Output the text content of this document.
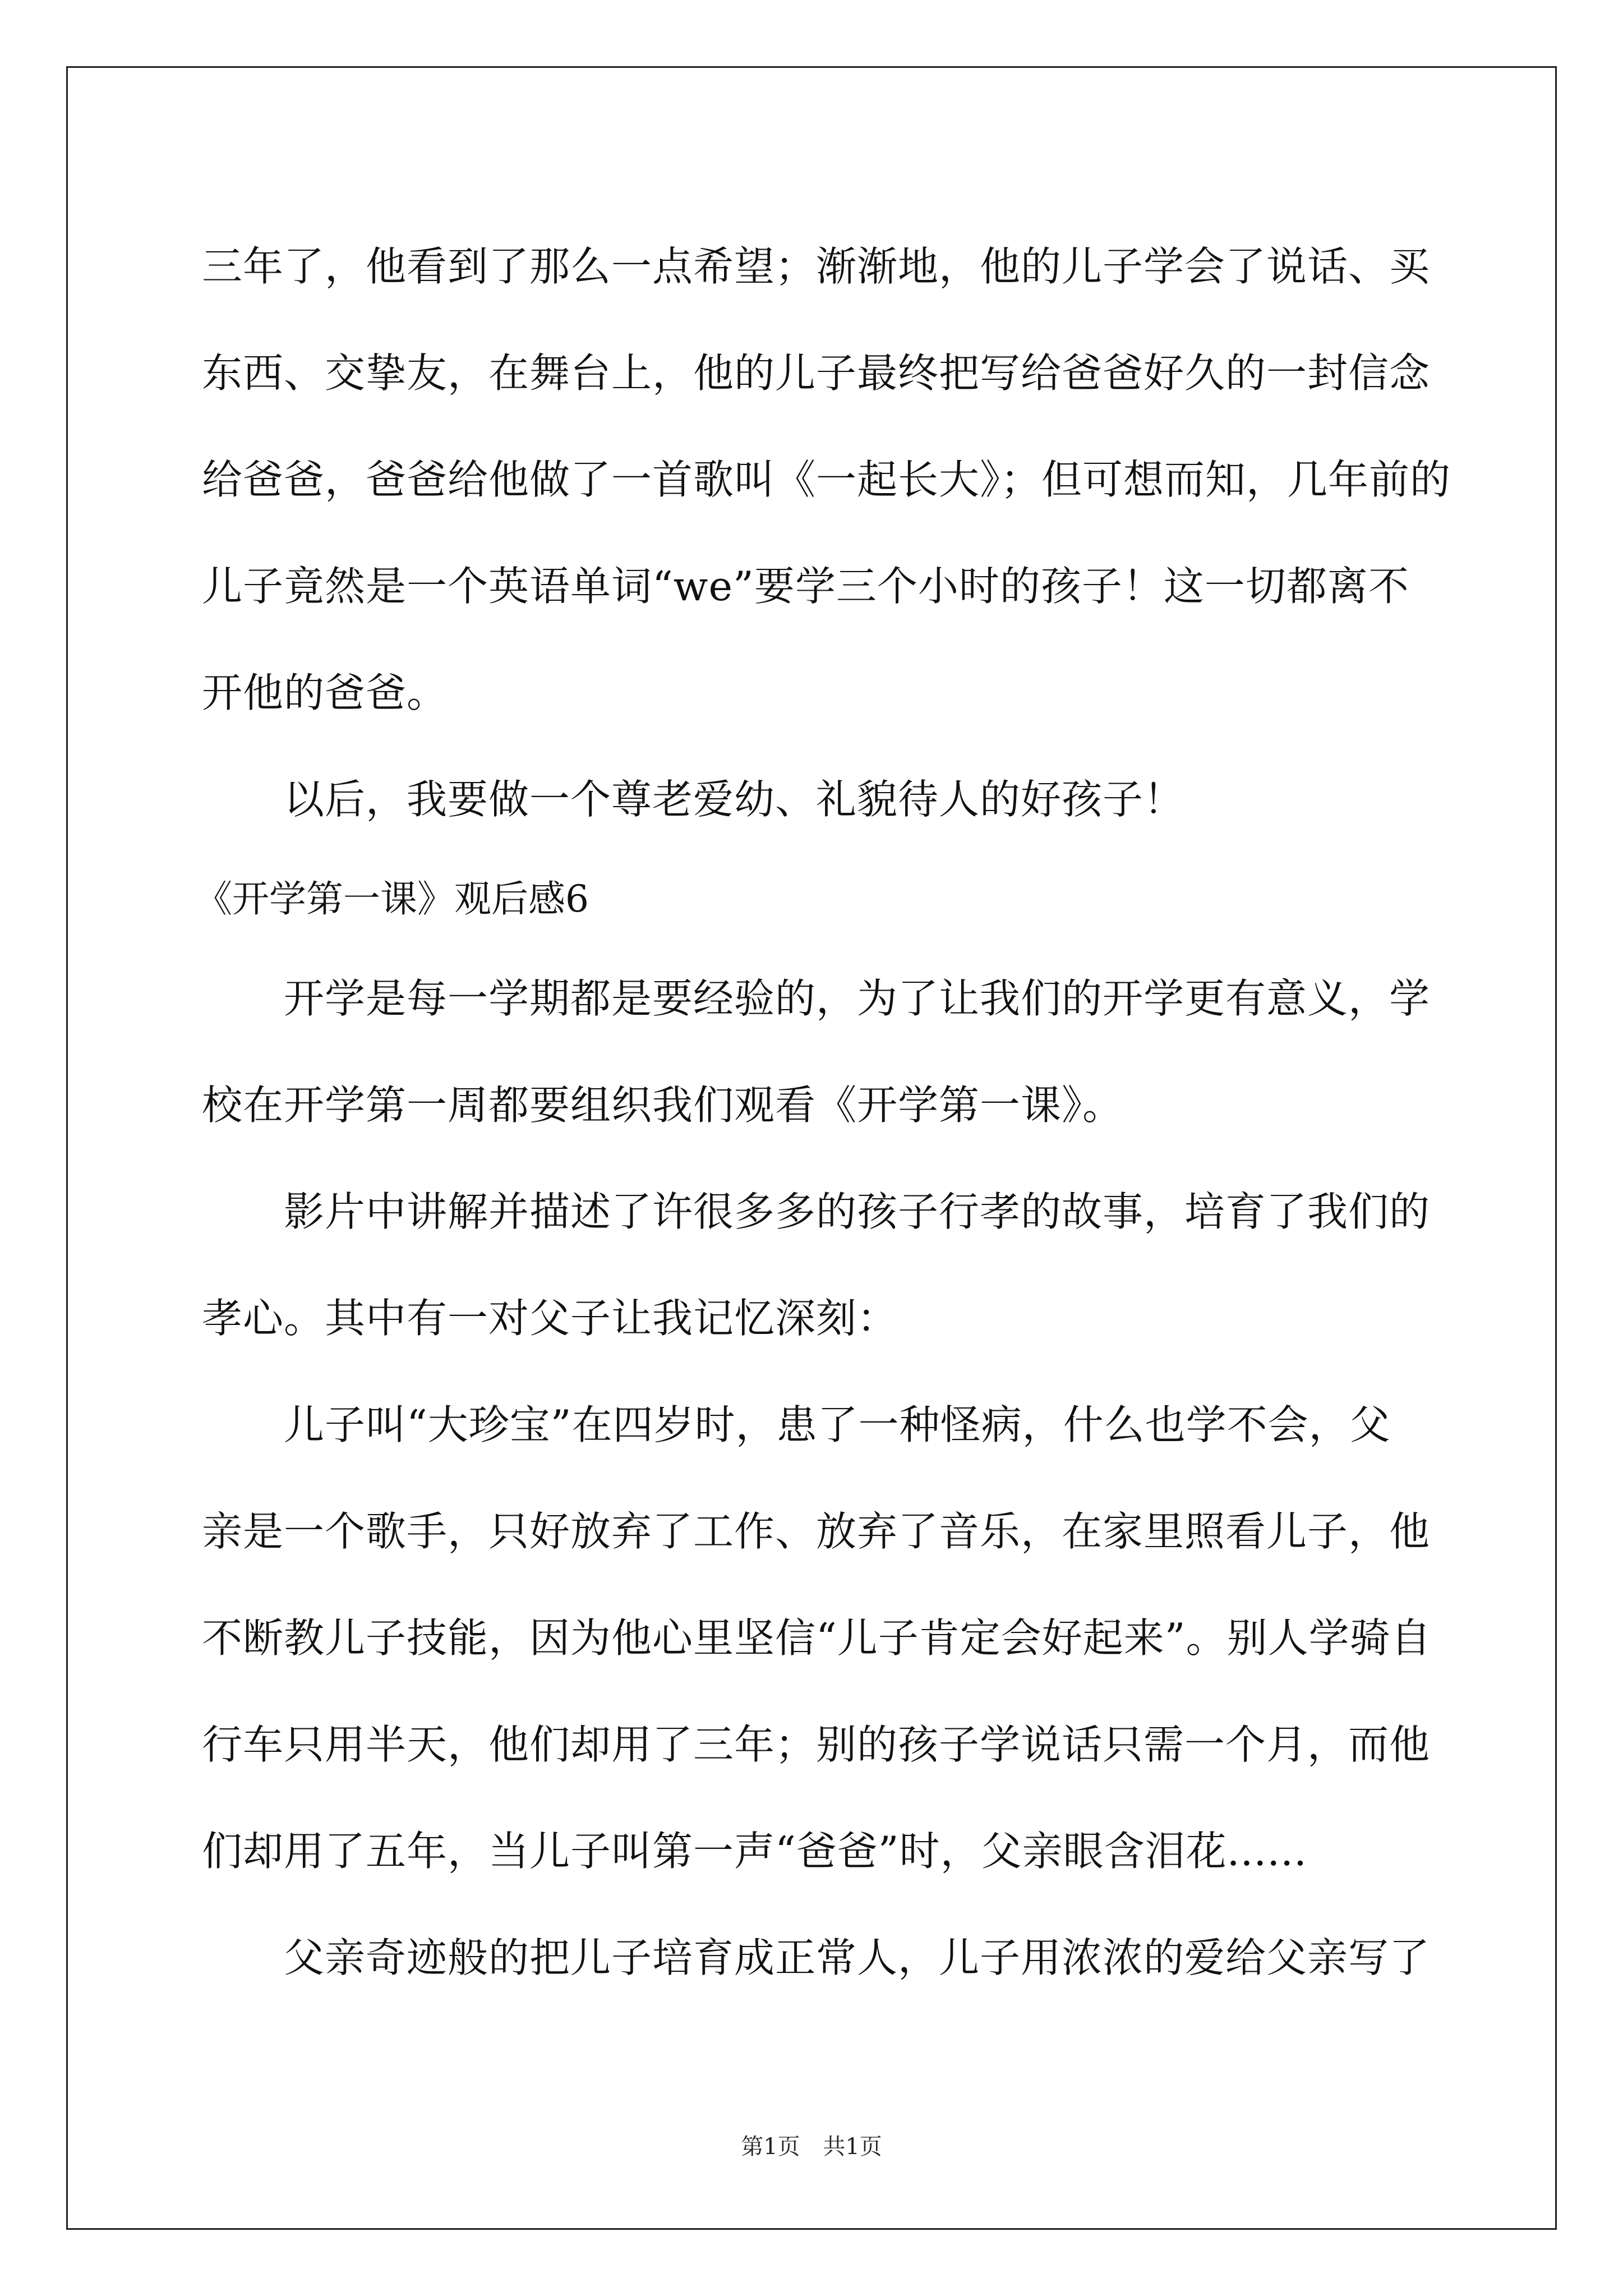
三年了，他看到了那么一点希望；渐渐地，他的儿子学会了说话、买
东西、交挚友，在舞台上，他的儿子最终把写给爸爸好久的一封信念
给爸爸，爸爸给他做了一首歌叫《一起长大》；但可想而知，几年前的
儿子竟然是一个英语单词“we”要学三个小时的孩子！这一切都离不
开他的爸爸。
以后，我要做一个尊老爱幼、礼貌待人的好孩子！
《开学第一课》观后感6
开学是每一学期都是要经验的，为了让我们的开学更有意义，学
校在开学第一周都要组织我们观看《开学第一课》。
影片中讲解并描述了许很多多的孩子行孝的故事，培育了我们的
孝心。其中有一对父子让我记忆深刻：
儿子叫“大珍宝”在四岁时，患了一种怪病，什么也学不会，父
亲是一个歌手，只好放弃了工作、放弃了音乐，在家里照看儿子，他
不断教儿子技能，因为他心里坚信“儿子肯定会好起来”。别人学骑自
行车只用半天，他们却用了三年；别的孩子学说话只需一个月，而他
们却用了五年，当儿子叫第一声“爸爸”时，父亲眼含泪花......
父亲奇迹般的把儿子培育成正常人，儿子用浓浓的爱给父亲写了
第1页 共1页
